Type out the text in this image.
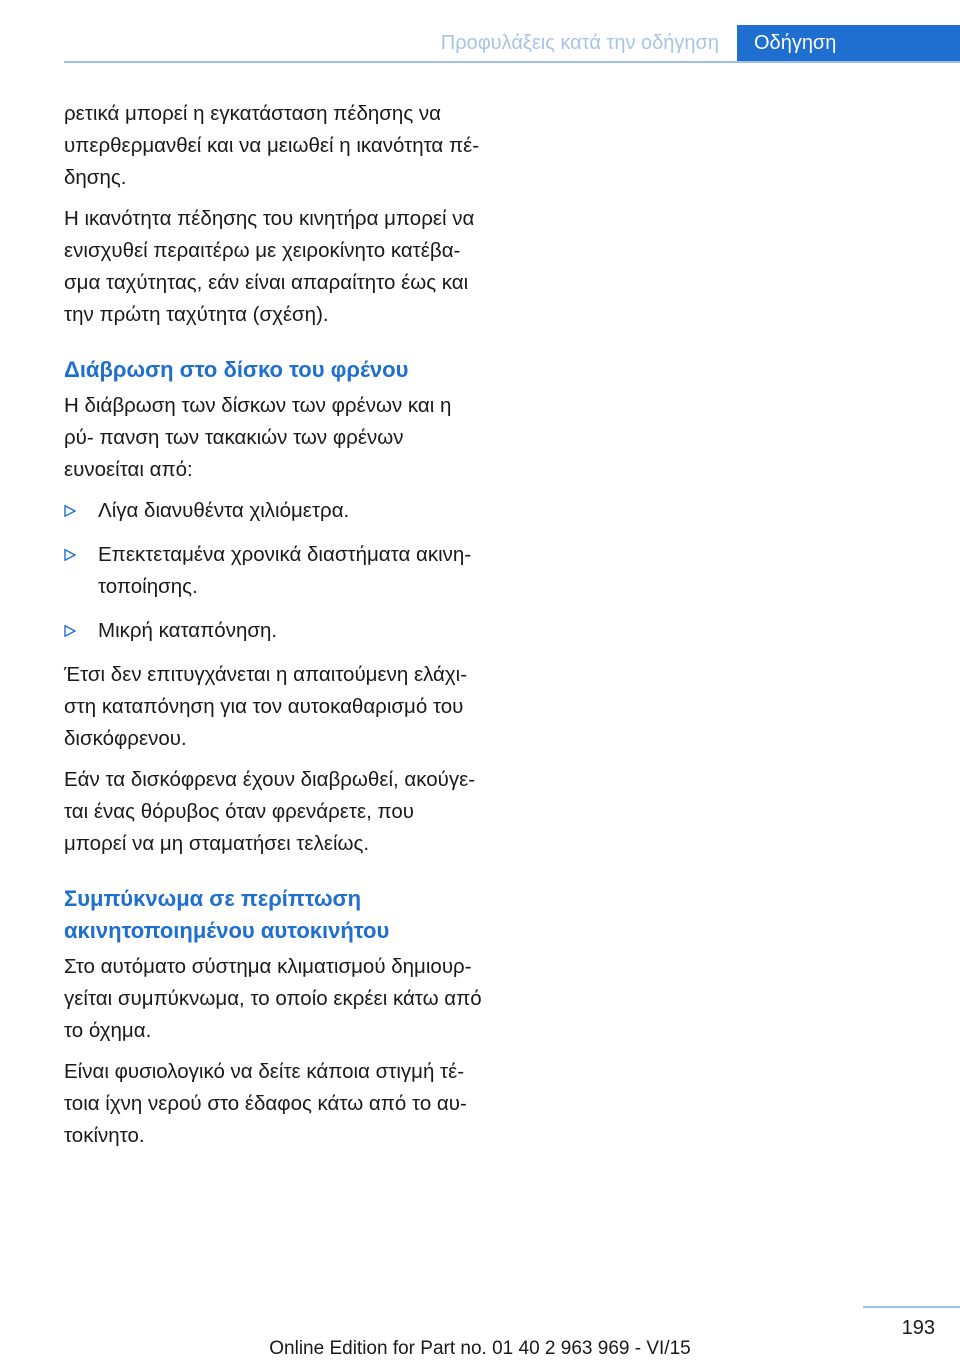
Προφυλάξεις κατά την οδήγηση	Οδήγηση

ρετικά μπορεί η εγκατάσταση πέδησης να υπερθερμανθεί και να μειωθεί η ικανότητα πέ- δησης.

Η ικανότητα πέδησης του κινητήρα μπορεί να ενισχυθεί περαιτέρω με χειροκίνητο κατέβα- σμα ταχύτητας, εάν είναι απαραίτητο έως και την πρώτη ταχύτητα (σχέση).

Διάβρωση στο δίσκο του φρένου

Η διάβρωση των δίσκων των φρένων και η ρύ- πανση των τακακιών των φρένων ευνοείται από:

Λίγα διανυθέντα χιλιόμετρα.
Επεκτεταμένα χρονικά διαστήματα ακινη- τοποίησης.
Μικρή καταπόνηση.

Έτσι δεν επιτυγχάνεται η απαιτούμενη ελάχι- στη καταπόνηση για τον αυτοκαθαρισμό του δισκόφρενου.

Εάν τα δισκόφρενα έχουν διαβρωθεί, ακούγε- ται ένας θόρυβος όταν φρενάρετε, που μπορεί να μη σταματήσει τελείως.

Συμπύκνωμα σε περίπτωση ακινητοποιημένου αυτοκινήτου

Στο αυτόματο σύστημα κλιματισμού δημιουρ- γείται συμπύκνωμα, το οποίο εκρέει κάτω από το όχημα.

Είναι φυσιολογικό να δείτε κάποια στιγμή τέ- τοια ίχνη νερού στο έδαφος κάτω από το αυ- τοκίνητο.

193
Online Edition for Part no. 01 40 2 963 969 - VI/15
